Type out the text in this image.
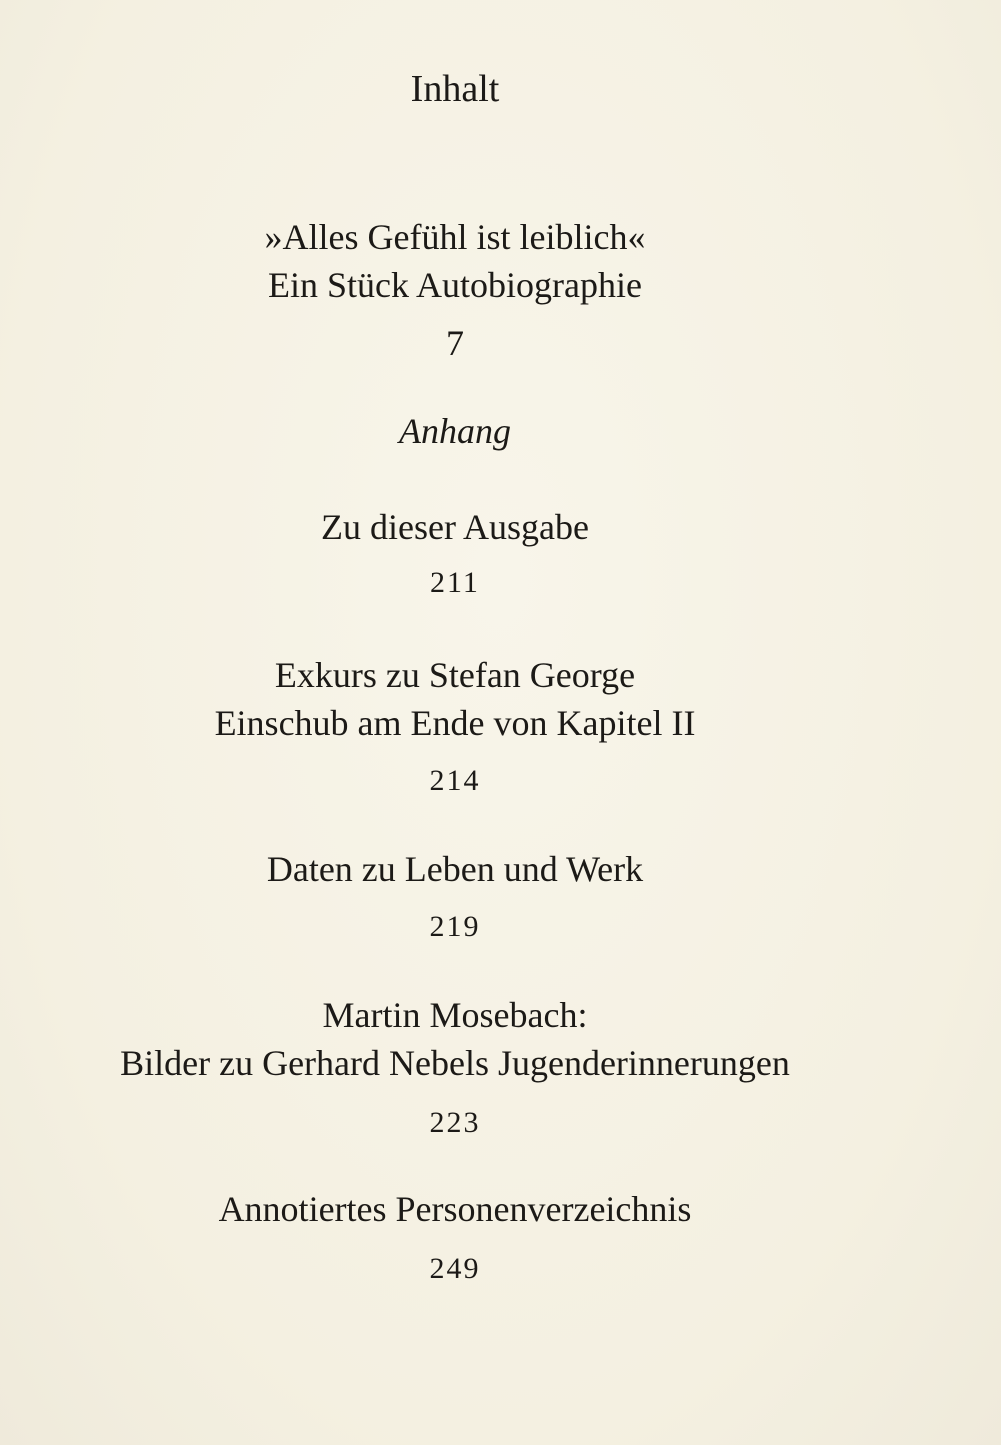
Inhalt
»Alles Gefühl ist leiblich«
Ein Stück Autobiographie
7
Anhang
Zu dieser Ausgabe
211
Exkurs zu Stefan George
Einschub am Ende von Kapitel II
214
Daten zu Leben und Werk
219
Martin Mosebach:
Bilder zu Gerhard Nebels Jugenderinnerungen
223
Annotiertes Personenverzeichnis
249
